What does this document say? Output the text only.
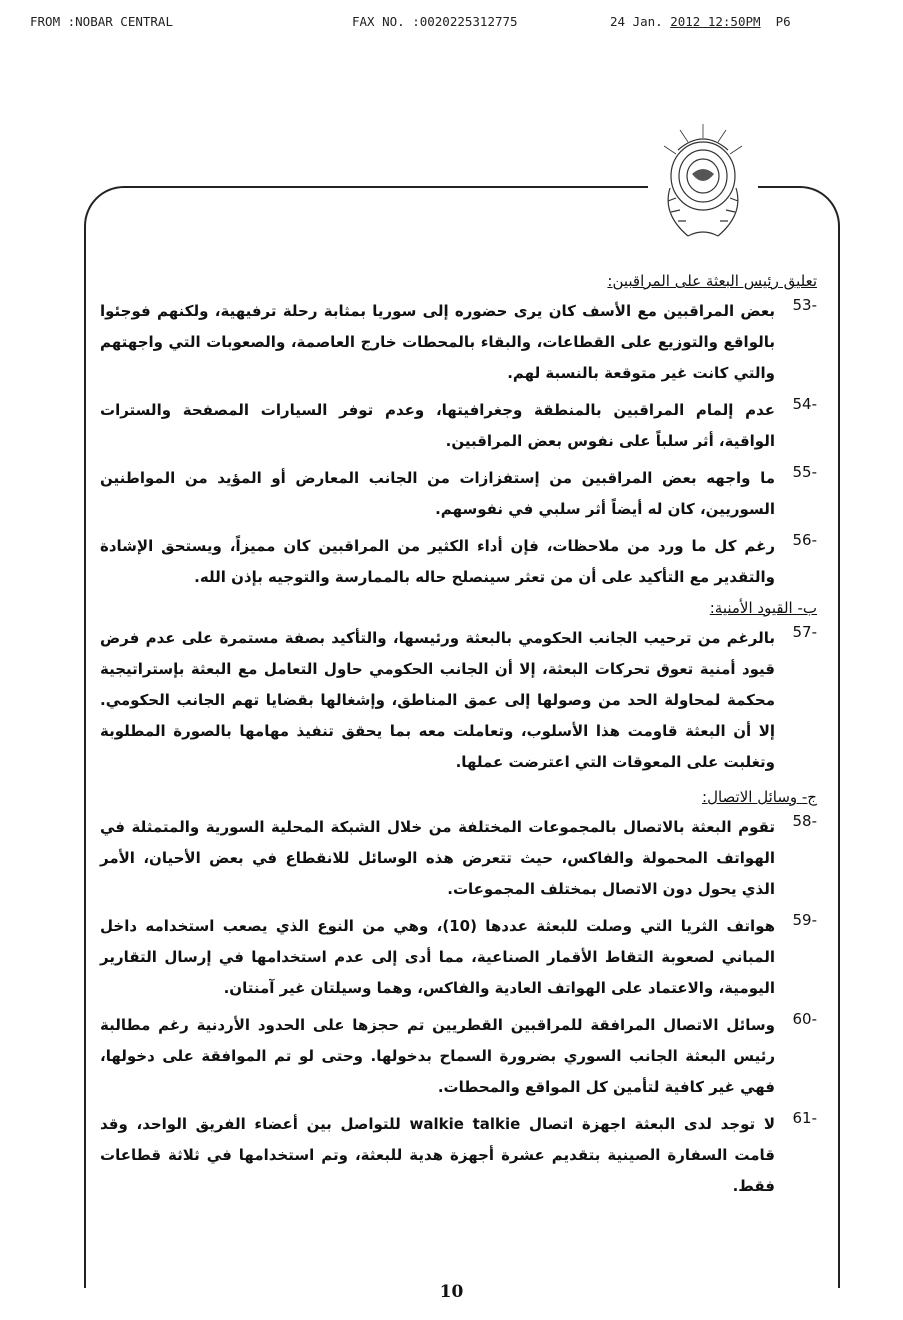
FROM :NOBAR CENTRAL	FAX NO. :0020225312775	24 Jan. 2012 12:50PM P6
تعليق رئيس البعثة على المراقبين:
53-
بعض المراقبين مع الأسف كان يرى حضوره إلى سوريا بمثابة رحلة ترفيهية، ولكنهم فوجئوا بالواقع والتوزيع على القطاعات، والبقاء بالمحطات خارج العاصمة، والصعوبات التي واجهتهم والتي كانت غير متوقعة بالنسبة لهم.
54-
عدم إلمام المراقبين بالمنطقة وجغرافيتها، وعدم توفر السيارات المصفحة والسترات الواقية، أثر سلباً على نفوس بعض المراقبين.
55-
ما واجهه بعض المراقبين من إستفزازات من الجانب المعارض أو المؤيد من المواطنين السوريين، كان له أيضاً أثر سلبي في نفوسهم.
56-
رغم كل ما ورد من ملاحظات، فإن أداء الكثير من المراقبين كان مميزاً، ويستحق الإشادة والتقدير مع التأكيد على أن من تعثر سينصلح حاله بالممارسة والتوجيه بإذن الله.
ب- القيود الأمنية:
57-
بالرغم من ترحيب الجانب الحكومي بالبعثة ورئيسها، والتأكيد بصفة مستمرة على عدم فرض قيود أمنية تعوق تحركات البعثة، إلا أن الجانب الحكومي حاول التعامل مع البعثة بإستراتيجية محكمة لمحاولة الحد من وصولها إلى عمق المناطق، وإشغالها بقضايا تهم الجانب الحكومي. إلا أن البعثة قاومت هذا الأسلوب، وتعاملت معه بما يحقق تنفيذ مهامها بالصورة المطلوبة وتغلبت على المعوقات التي اعترضت عملها.
ج- وسائل الاتصال:
58-
تقوم البعثة بالاتصال بالمجموعات المختلفة من خلال الشبكة المحلية السورية والمتمثلة في الهواتف المحمولة والفاكس، حيث تتعرض هذه الوسائل للانقطاع في بعض الأحيان، الأمر الذي يحول دون الاتصال بمختلف المجموعات.
59-
هواتف الثريا التي وصلت للبعثة عددها (10)، وهي من النوع الذي يصعب استخدامه داخل المباني لصعوبة التقاط الأقمار الصناعية، مما أدى إلى عدم استخدامها في إرسال التقارير اليومية، والاعتماد على الهواتف العادية والفاكس، وهما وسيلتان غير آمنتان.
60-
وسائل الاتصال المرافقة للمراقبين القطريين تم حجزها على الحدود الأردنية رغم مطالبة رئيس البعثة الجانب السوري بضرورة السماح بدخولها. وحتى لو تم الموافقة على دخولها، فهي غير كافية لتأمين كل المواقع والمحطات.
61-
لا توجد لدى البعثة اجهزة اتصال walkie talkie للتواصل بين أعضاء الفريق الواحد، وقد قامت السفارة الصينية بتقديم عشرة أجهزة هدية للبعثة، وتم استخدامها في ثلاثة قطاعات فقط.
10
